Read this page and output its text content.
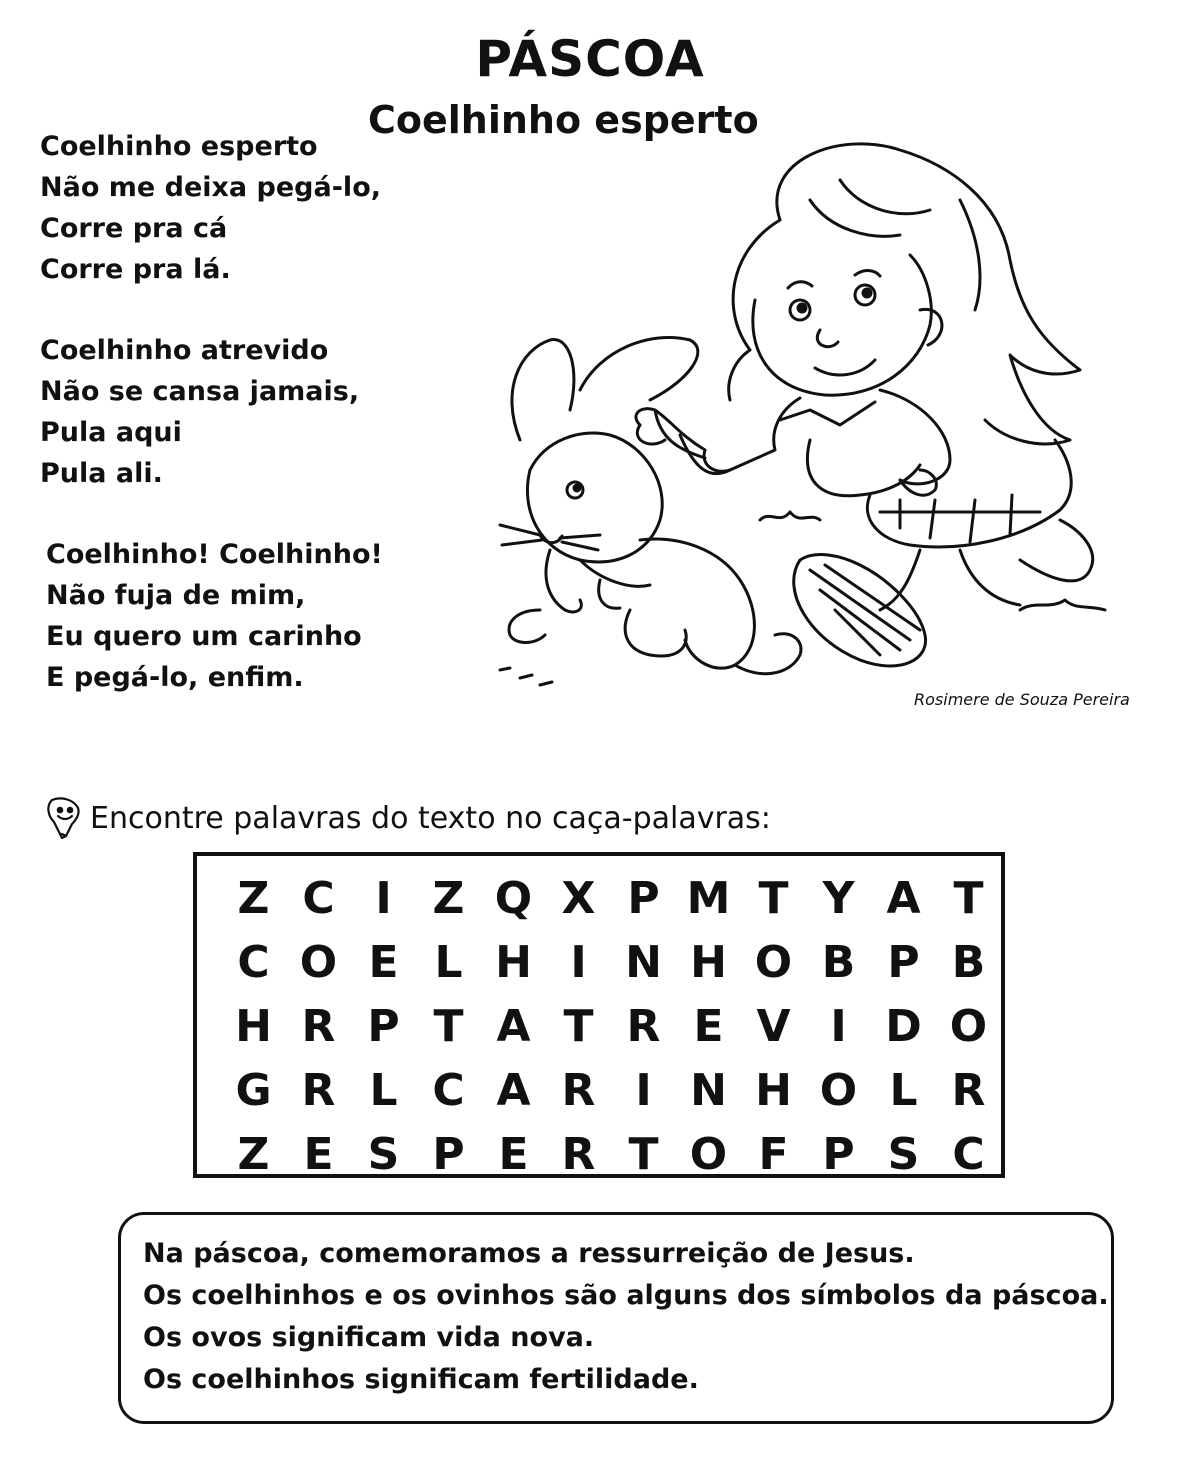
PÁSCOA
Coelhinho esperto
Coelhinho esperto
Não me deixa pegá-lo,
Corre pra cá
Corre pra lá.
Coelhinho atrevido
Não se cansa jamais,
Pula aqui
Pula ali.
Coelhinho! Coelhinho!
Não fuja de mim,
Eu quero um carinho
E pegá-lo, enfim.
Rosimere de Souza Pereira
Encontre palavras do texto no caça-palavras:
Z C I Z Q X P M T Y A T
C O E L H I N H O B P B
H R P T A T R E V I D O
G R L C A R I N H O L R
Z E S P E R T O F P S C
Na páscoa, comemoramos a ressurreição de Jesus.
Os coelhinhos e os ovinhos são alguns dos símbolos da páscoa.
Os ovos significam vida nova.
Os coelhinhos significam fertilidade.
